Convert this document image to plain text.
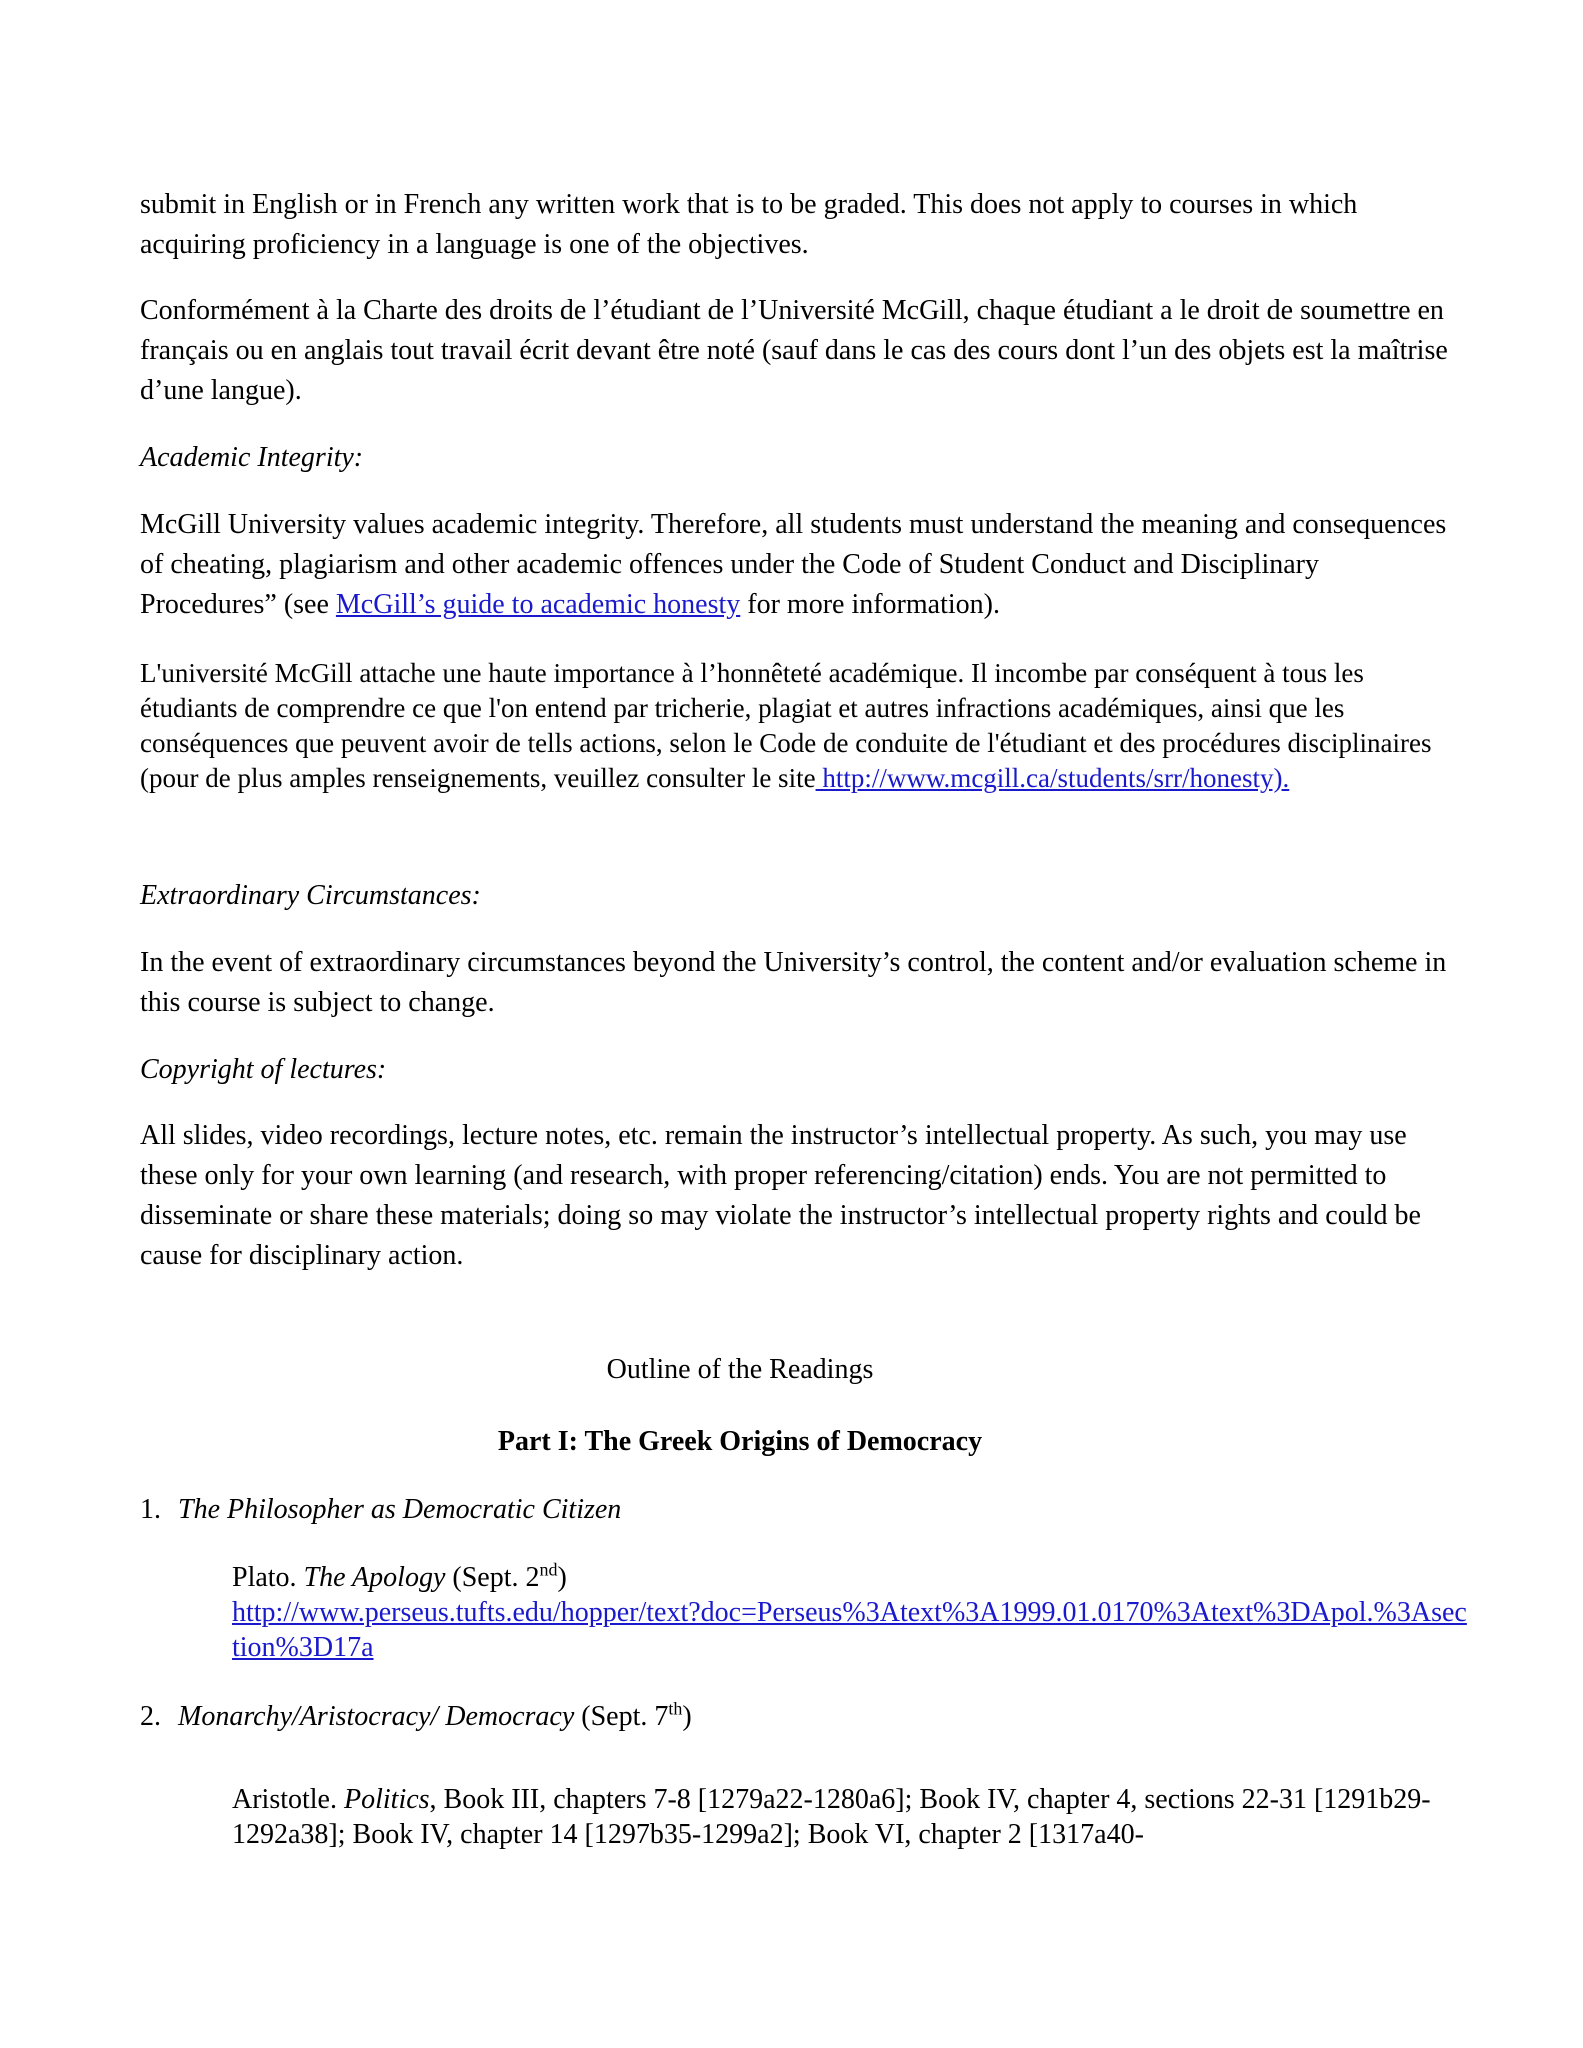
submit in English or in French any written work that is to be graded. This does not apply to courses in which acquiring proficiency in a language is one of the objectives.

Conformément à la Charte des droits de l’étudiant de l’Université McGill, chaque étudiant a le droit de soumettre en français ou en anglais tout travail écrit devant être noté (sauf dans le cas des cours dont l’un des objets est la maîtrise d’une langue).

Academic Integrity:

McGill University values academic integrity. Therefore, all students must understand the meaning and consequences of cheating, plagiarism and other academic offences under the Code of Student Conduct and Disciplinary Procedures” (see McGill’s guide to academic honesty for more information).

L'université McGill attache une haute importance à l’honnêteté académique. Il incombe par conséquent à tous les étudiants de comprendre ce que l'on entend par tricherie, plagiat et autres infractions académiques, ainsi que les conséquences que peuvent avoir de tells actions, selon le Code de conduite de l'étudiant et des procédures disciplinaires (pour de plus amples renseignements, veuillez consulter le site http://www.mcgill.ca/students/srr/honesty).

Extraordinary Circumstances:

In the event of extraordinary circumstances beyond the University’s control, the content and/or evaluation scheme in this course is subject to change.

Copyright of lectures:

All slides, video recordings, lecture notes, etc. remain the instructor’s intellectual property. As such, you may use these only for your own learning (and research, with proper referencing/citation) ends. You are not permitted to disseminate or share these materials; doing so may violate the instructor’s intellectual property rights and could be cause for disciplinary action.

Outline of the Readings

Part I: The Greek Origins of Democracy

1. The Philosopher as Democratic Citizen

Plato. The Apology (Sept. 2nd)
http://www.perseus.tufts.edu/hopper/text?doc=Perseus%3Atext%3A1999.01.0170%3Atext%3DApol.%3Asection%3D17a

2. Monarchy/Aristocracy/ Democracy (Sept. 7th)

Aristotle. Politics, Book III, chapters 7-8 [1279a22-1280a6]; Book IV, chapter 4, sections 22-31 [1291b29-1292a38]; Book IV, chapter 14 [1297b35-1299a2]; Book VI, chapter 2 [1317a40-
